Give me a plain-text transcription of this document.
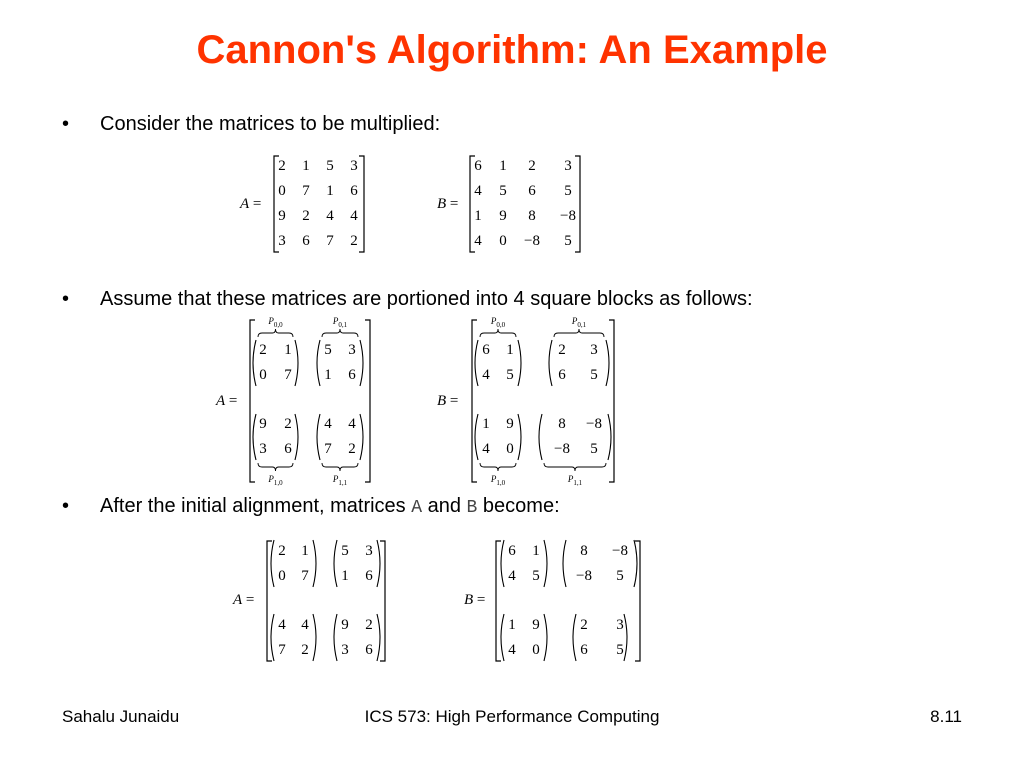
Cannon's Algorithm: An Example
• Consider the matrices to be multiplied:
• Assume that these matrices are portioned into 4 square blocks as follows:
• After the initial alignment, matrices A and B become:
A =	B =
A =	B =
A =	B =
2	1	5	3
0	7	1	6
9	2	4	4
3	6	7	2
6	1	2	3
4	5	6	5
1	9	8	−8
4	0	−8	5
2	1	5	3
0	7	1	6
9	2	4	4
3	6	7	2
$P_{0,0}$	$P_{0,1}$
$P_{1,0}$	$P_{1,1}$
6	1	2	3
4	5	6	5
1	9	8	−8
4	0	−8	5
$P_{0,0}$	$P_{0,1}$
$P_{1,0}$	$P_{1,1}$
2	1	5	3
0	7	1	6
4	4	9	2
7	2	3	6
6	1	8	−8
4	5	−8	5
1	9	2	3
4	0	6	5
Sahalu Junaidu	ICS 573: High Performance Computing	8.11
